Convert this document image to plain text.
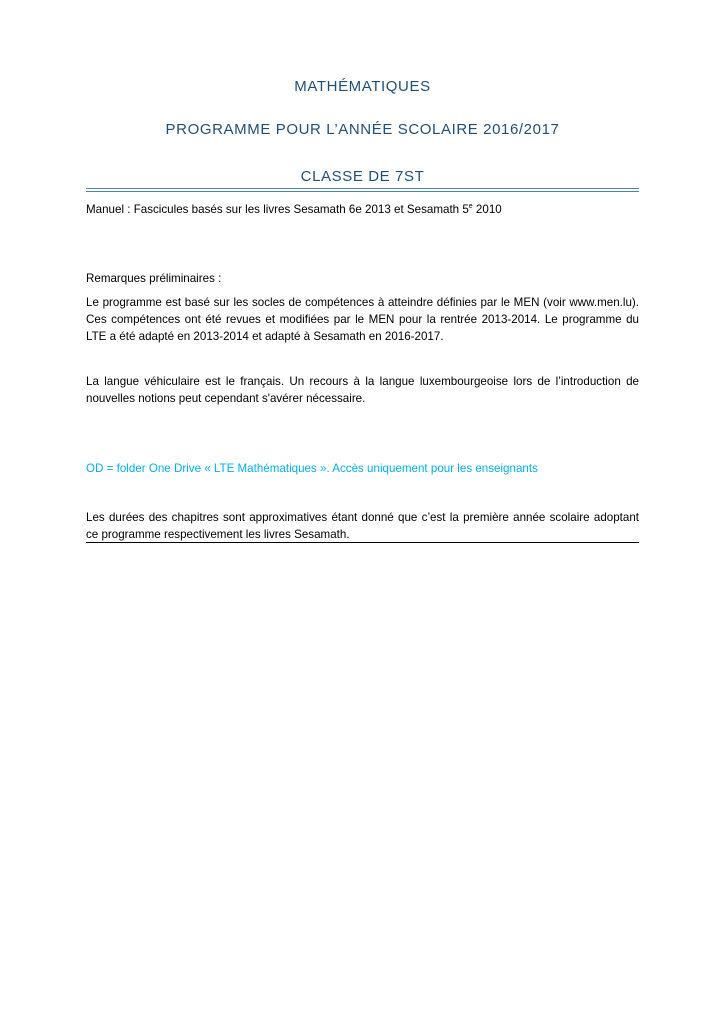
MATHÉMATIQUES
PROGRAMME POUR L’ANNÉE SCOLAIRE 2016/2017
CLASSE DE 7ST
Manuel : Fascicules basés sur les livres Sesamath 6e 2013 et Sesamath 5e 2010
Remarques préliminaires :
Le programme est basé sur les socles de compétences à atteindre définies par le MEN (voir www.men.lu). Ces compétences ont été revues et modifiées par le MEN pour la rentrée 2013-2014. Le programme du LTE a été adapté en 2013-2014 et adapté à Sesamath en 2016-2017.
La langue véhiculaire est le français. Un recours à la langue luxembourgeoise lors de l’introduction de nouvelles notions peut cependant s'avérer nécessaire.
OD = folder One Drive « LTE Mathématiques ». Accès uniquement pour les enseignants
Les durées des chapitres sont approximatives étant donné que c’est la première année scolaire adoptant ce programme respectivement les livres Sesamath.
